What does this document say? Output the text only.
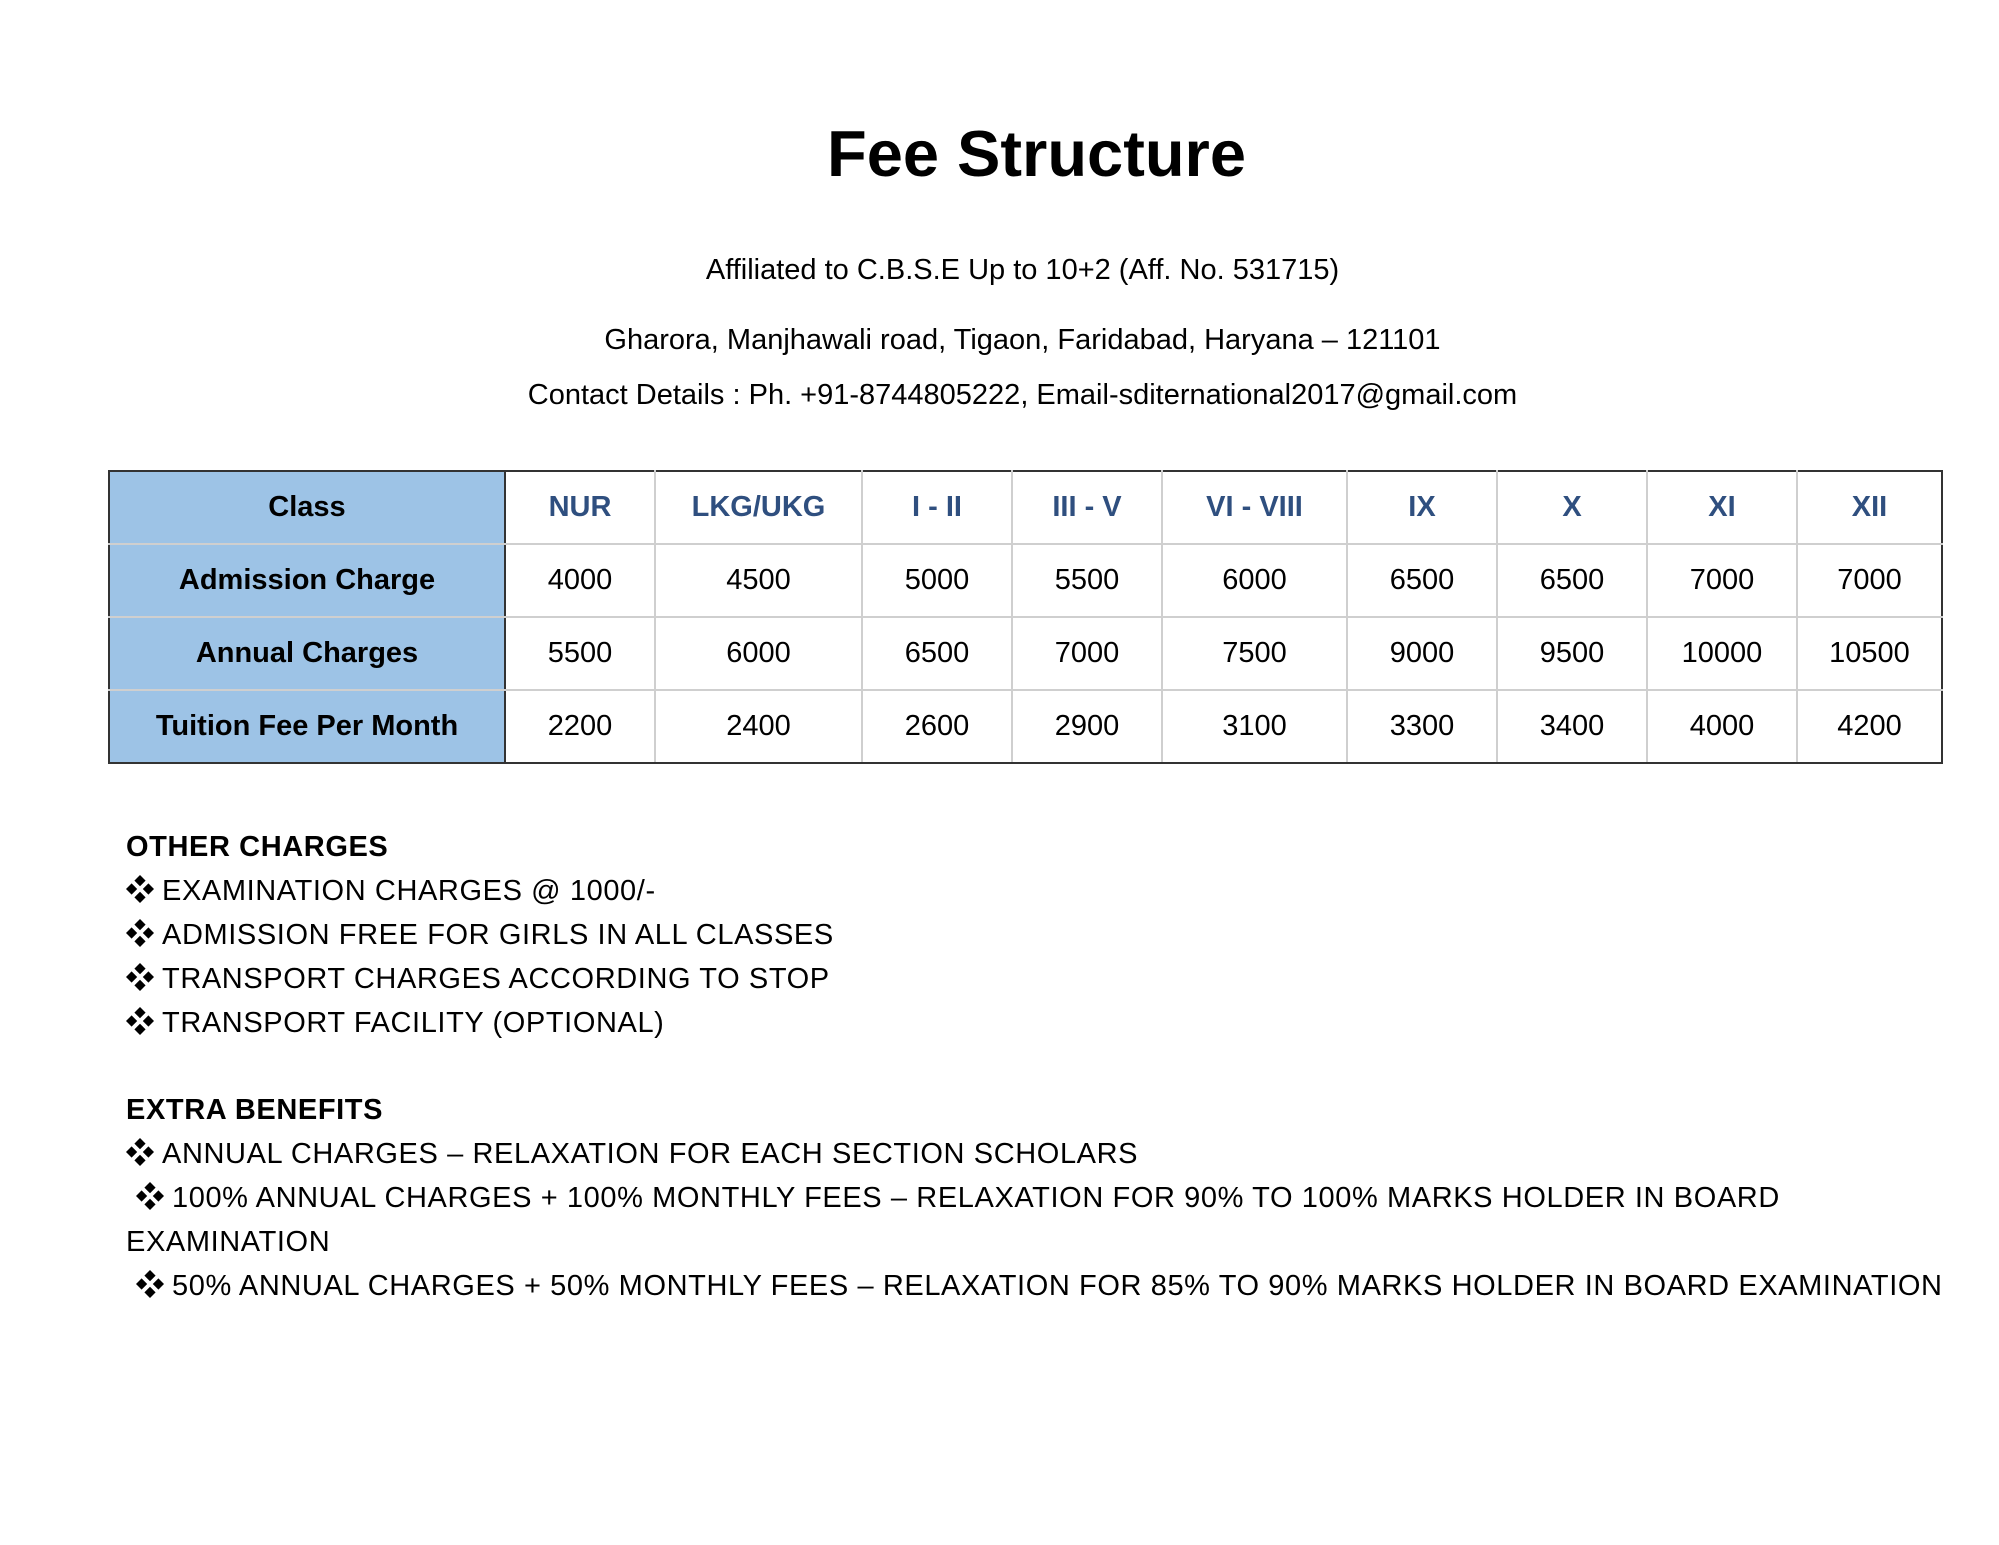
Fee Structure
Affiliated to C.B.S.E Up to 10+2 (Aff. No. 531715)
Gharora, Manjhawali road, Tigaon, Faridabad, Haryana – 121101
Contact Details : Ph. +91-8744805222, Email-sditernational2017@gmail.com
Class	NUR	LKG/UKG	I - II	III - V	VI - VIII	IX	X	XI	XII
Admission Charge	4000	4500	5000	5500	6000	6500	6500	7000	7000
Annual Charges	5500	6000	6500	7000	7500	9000	9500	10000	10500
Tuition Fee Per Month	2200	2400	2600	2900	3100	3300	3400	4000	4200
OTHER CHARGES
EXAMINATION CHARGES @ 1000/-
ADMISSION FREE FOR GIRLS IN ALL CLASSES
TRANSPORT CHARGES ACCORDING TO STOP
TRANSPORT FACILITY (OPTIONAL)
EXTRA BENEFITS
ANNUAL CHARGES – RELAXATION FOR EACH SECTION SCHOLARS
100% ANNUAL CHARGES + 100% MONTHLY FEES – RELAXATION FOR 90% TO 100% MARKS HOLDER IN BOARD EXAMINATION
50% ANNUAL CHARGES + 50% MONTHLY FEES – RELAXATION FOR 85% TO 90% MARKS HOLDER IN BOARD EXAMINATION
